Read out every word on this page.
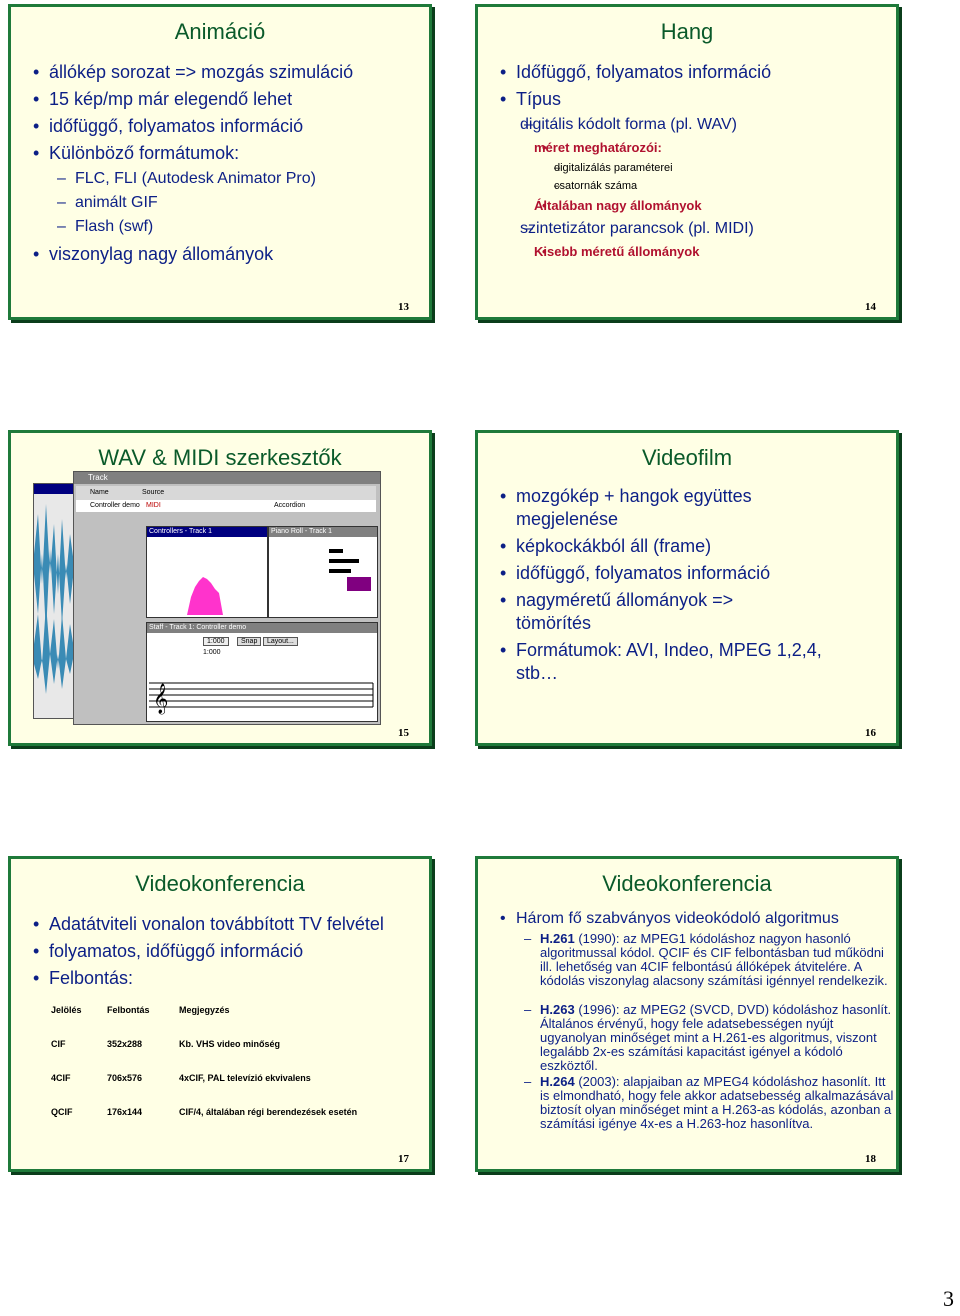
Animáció
• állókép sorozat => mozgás szimuláció
• 15 kép/mp már elegendő lehet
• időfüggő, folyamatos információ
• Különböző formátumok:
– FLC, FLI (Autodesk Animator Pro)
– animált GIF
– Flash (swf)
• viszonylag nagy állományok
13
Hang
• Időfüggő, folyamatos információ
• Típus
– digitális kódolt forma (pl. WAV)
• méret meghatározói:
– digitalizálás paraméterei
– csatornák száma
• Általában nagy állományok
– szintetizátor parancsok (pl. MIDI)
• Kisebb méretű állományok
14
WAV & MIDI szerkesztők
Track
Name	Source
Controller demo MIDI	Accordion
Controllers - Track 1	Piano Roll - Track 1
Staff - Track 1: Controller demo
1:000
1:000
Snap	Layout...
𝄞
15
Videofilm
• mozgókép + hangok együttes megjelenése
• képkockákból áll (frame)
• időfüggő, folyamatos információ
• nagyméretű állományok => tömörítés
• Formátumok: AVI, Indeo, MPEG 1,2,4, stb…
16
Videokonferencia
• Adatátviteli vonalon továbbított TV felvétel
• folyamatos, időfüggő információ
• Felbontás:
Jelölés	Felbontás	Megjegyzés
CIF	352x288	Kb. VHS video minőség
4CIF	706x576	4xCIF, PAL televízió ekvivalens
QCIF	176x144	CIF/4, általában régi berendezések esetén
17
Videokonferencia
• Három fő szabványos videokódoló algoritmus
– H.261 (1990): az MPEG1 kódoláshoz nagyon hasonló algoritmussal kódol. QCIF és CIF felbontásban tud működni ill. lehetőség van 4CIF felbontású állóképek átvitelére. A kódolás viszonylag alacsony számítási igénnyel rendelkezik.
– H.263 (1996): az MPEG2 (SVCD, DVD) kódoláshoz hasonlít. Általános érvényű, hogy fele adatsebességen nyújt ugyanolyan minőséget mint a H.261-es algoritmus, viszont legalább 2x-es számítási kapacitást igényel a kódoló eszköztől.
– H.264 (2003): alapjaiban az MPEG4 kódoláshoz hasonlít. Itt is elmondható, hogy fele akkor adatsebesség alkalmazásával biztosít olyan minőséget mint a H.263-as kódolás, azonban a számítási igénye 4x-es a H.263-hoz hasonlítva.
18
3
